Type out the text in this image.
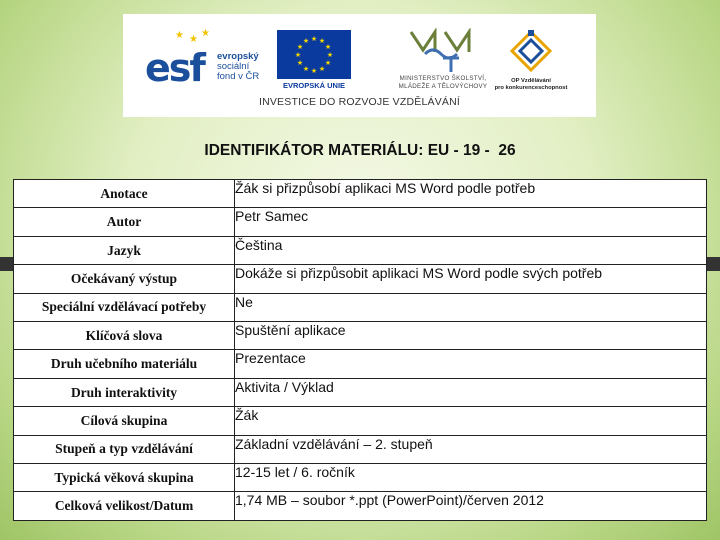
★ ★
★
esf evropský
sociální
fond v ČR
★ ★
★
★
★
★
★
★
★
★
★
★
EVROPSKÁ UNIE
MINISTERSTVO ŠKOLSTVÍ,
MLÁDEŽE A TĚLOVÝCHOVY
OP Vzdělávání
pro konkurenceschopnost
INVESTICE DO ROZVOJE VZDĚLÁVÁNÍ
IDENTIFIKÁTOR MATERIÁLU: EU - 19 -  26
Anotace	Žák si přizpůsobí aplikaci MS Word podle potřeb
Autor	Petr Samec
Jazyk	Čeština
Očekávaný výstup	Dokáže si přizpůsobit aplikaci MS Word podle svých potřeb
Speciální vzdělávací potřeby	Ne
Klíčová slova	Spuštění aplikace
Druh učebního materiálu	Prezentace
Druh interaktivity	Aktivita / Výklad
Cílová skupina	Žák
Stupeň a typ vzdělávání	Základní vzdělávání – 2. stupeň
Typická věková skupina	12-15 let / 6. ročník
Celková velikost/Datum	1,74 MB – soubor *.ppt (PowerPoint)/červen 2012
